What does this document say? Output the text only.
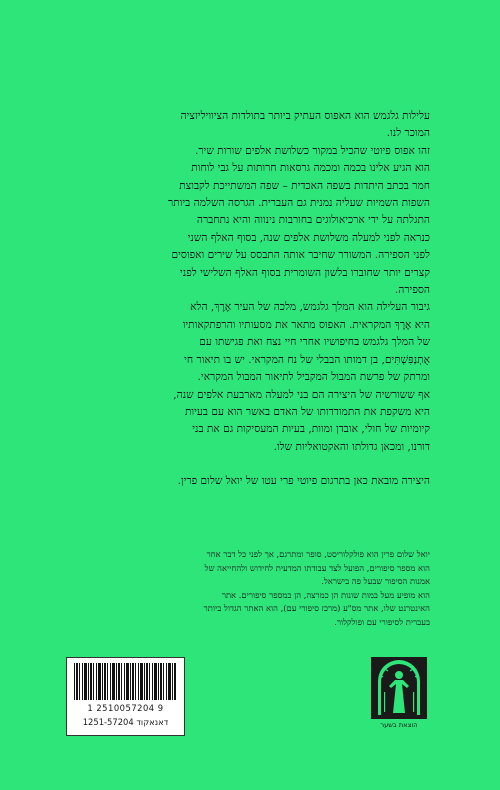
עלילות גלגמש הוא האפוס העתיק ביותר בתולדות הציוויליזציה
המוכר לנו.

זהו אפוס פיוטי שהכיל במקור כשלושת אלפים שורות שיר.
הוא הגיע אלינו בכמה ומכמה גרסאות חרותות על גבי לוחות
חמר בכתב היתדות בשפה האכדית – שפה המשתייכת לקבוצת
השפות השמיות שעליה נמנית גם העברית. הגרסה השלמה ביותר
התגלתה על ידי ארכיאולוגים בחורבות נינווה והיא נתחברה
כנראה לפני למעלה משלושת אלפים שנה, בסוף האלף השני
לפני הספירה. המשורר שחיבר אותה התבסס על שירים ואפוסים
קצרים יותר שחוברו בלשון השומרית בסוף האלף השלישי לפני
הספירה.

גיבור העלילה הוא המלך גלגמש, מלכה של העיר אֶרֶךְ, הלא
היא אֶרֶךְ המקראית. האפוס מתאר את מסעותיו והרפתקאותיו
של המלך גלגמש בחיפושיו אחרי חיי נצח ואת פגישתו עם
אֻתְנַפִּשְׁתִּים, בן דמותו הבבלי של נח המקראי. יש בו תיאור חי
ומרתק של פרשת המבול המקביל לתיאור המבול המקראי.

אף ששורשיה של היצירה הם בני למעלה מארבעת אלפים שנה,
היא משקפת את התמודדותו של האדם באשר הוא עם בעיות
קיומיות של חולי, אובדן ומוות, בעיות המעסיקות גם את בני
דורנו, ומכאן גדולתו והאקטואליות שלו.

היצירה מובאת כאן בתרגום פיוטי פרי עטו של יואל שלום פרין.

יואל שלום פרין הוא פולקלוריסט, סופר ומתרגם, אך לפני כל דבר אחר
הוא מספר סיפורים, הפועל לצד עבודתו המדעית לחידוש ולהחייאה של
אמנות הסיפור שבעל פה בישראל.

הוא מופיע מעל במות שונות הן כמרצה, הן כמספר סיפורים. אתר
האינטרנט שלו, אתר מס"ע (מרכז סיפורי עם), הוא האתר הגדול ביותר
בעברית לסיפורי עם ופולקלור.

1 2510057204 9
דאנאקוד 1251-57204	הוצאת בשער
